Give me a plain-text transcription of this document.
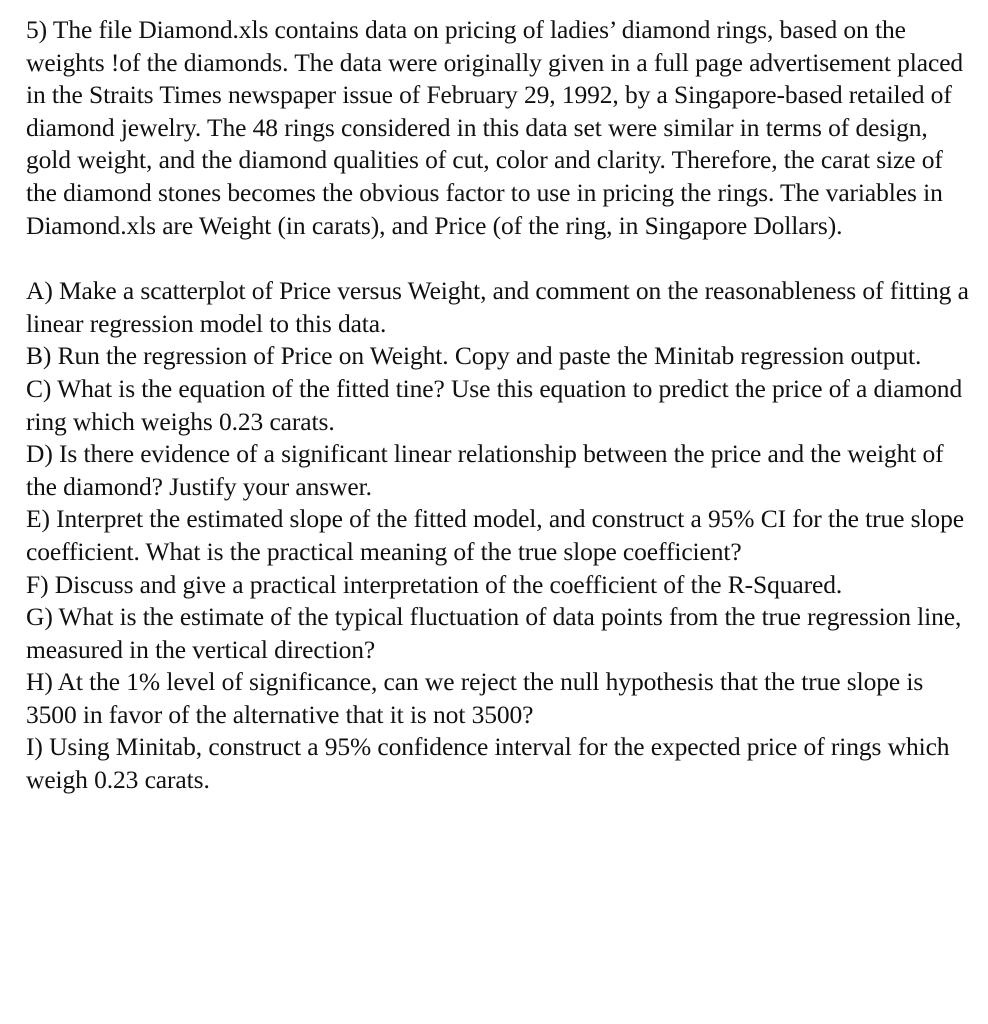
5) The file Diamond.xls contains data on pricing of ladies’ diamond rings, based on the weights !of the diamonds. The data were originally given in a full page advertisement placed in the Straits Times newspaper issue of February 29, 1992, by a Singapore-based retailed of diamond jewelry. The 48 rings considered in this data set were similar in terms of design, gold weight, and the diamond qualities of cut, color and clarity. Therefore, the carat size of the diamond stones becomes the obvious factor to use in pricing the rings. The variables in Diamond.xls are Weight (in carats), and Price (of the ring, in Singapore Dollars).

A) Make a scatterplot of Price versus Weight, and comment on the reasonableness of fitting a linear regression model to this data.

B) Run the regression of Price on Weight. Copy and paste the Minitab regression output.

C) What is the equation of the fitted tine? Use this equation to predict the price of a diamond ring which weighs 0.23 carats.

D) Is there evidence of a significant linear relationship between the price and the weight of the diamond? Justify your answer.

E) Interpret the estimated slope of the fitted model, and construct a 95% CI for the true slope coefficient. What is the practical meaning of the true slope coefficient?

F) Discuss and give a practical interpretation of the coefficient of the R-Squared.

G) What is the estimate of the typical fluctuation of data points from the true regression line, measured in the vertical direction?

H) At the 1% level of significance, can we reject the null hypothesis that the true slope is 3500 in favor of the alternative that it is not 3500?

I) Using Minitab, construct a 95% confidence interval for the expected price of rings which weigh 0.23 carats.
